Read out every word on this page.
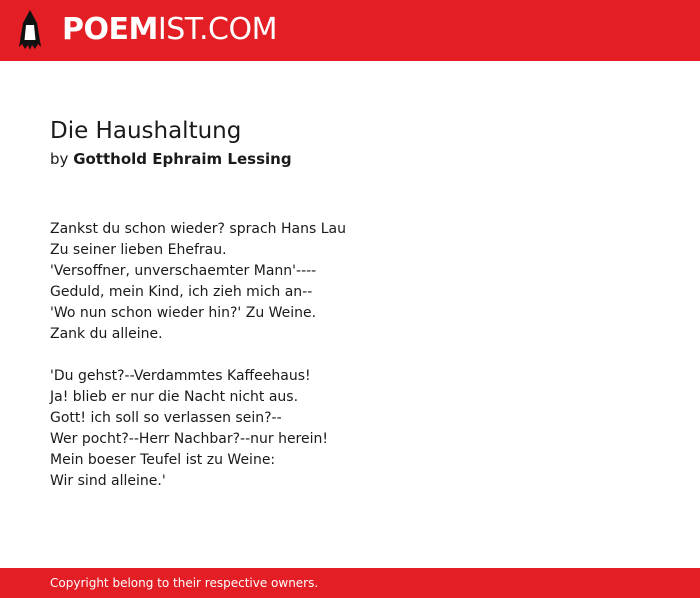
POEMIST.COM
Die Haushaltung
by Gotthold Ephraim Lessing
Zankst du schon wieder? sprach Hans Lau
Zu seiner lieben Ehefrau.
'Versoffner, unverschaemter Mann'----
Geduld, mein Kind, ich zieh mich an--
'Wo nun schon wieder hin?' Zu Weine.
Zank du alleine.
'Du gehst?--Verdammtes Kaffeehaus!
Ja! blieb er nur die Nacht nicht aus.
Gott! ich soll so verlassen sein?--
Wer pocht?--Herr Nachbar?--nur herein!
Mein boeser Teufel ist zu Weine:
Wir sind alleine.'
Copyright belong to their respective owners.
